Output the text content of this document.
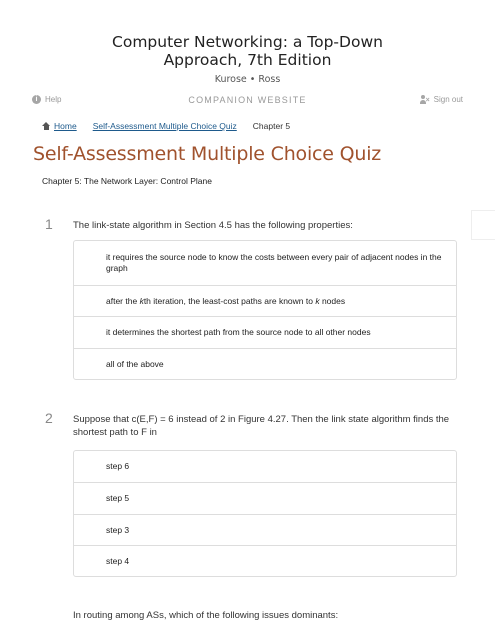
Computer Networking: a Top-Down Approach, 7th Edition
Kurose • Ross
i Help	COMPANION WEBSITE	× Sign out
Home Self-Assessment Multiple Choice Quiz Chapter 5
Self-Assessment Multiple Choice Quiz
Chapter 5: The Network Layer: Control Plane
1 The link-state algorithm in Section 4.5 has the following properties:
it requires the source node to know the costs between every pair of adjacent nodes in the graph
after the kth iteration, the least-cost paths are known to k nodes
it determines the shortest path from the source node to all other nodes
all of the above
2 Suppose that c(E,F) = 6 instead of 2 in Figure 4.27. Then the link state algorithm finds the shortest path to F in
step 6
step 5
step 3
step 4
In routing among ASs, which of the following issues dominants:
